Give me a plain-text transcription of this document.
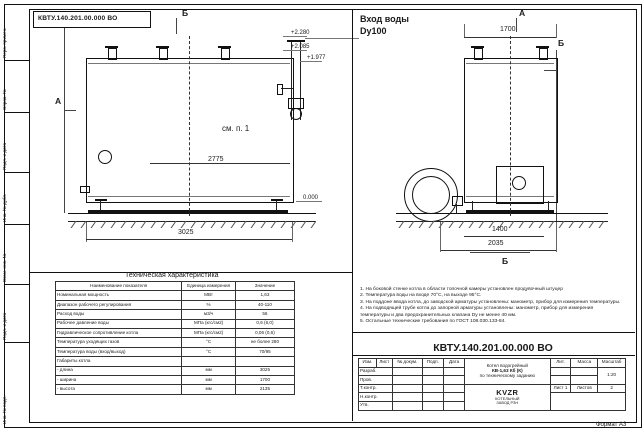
Перв. примен.
Справ. №
Подп. и дата
Инв. № дубл.
Взам. инв. №
Подп. и дата
Инв. № подл.
КВТУ.140.201.00.000 ВО
А
Б
+2.280
+2.085
+1.977
0.000
Вход воды
Dy100
см. п. 1
2775
3025
А
Б
Б
1700
1400
2035
Техническая характеристика
Наименование показателя	Единица измерения	Значение
Номинальная мощность	МВт	1,63
Диапазон рабочего регулирования	%	40-110
Расход воды	м3/ч	56
Рабочее давление воды	МПа (кгс/см2)	0,6 (6,0)
Гидравлическое сопротивление котла	МПа (кгс/см2)	0,06 (0,6)
Температура уходящих газов	°С	не более 280
Температура воды (вход/выход)	°С	70/95
Габариты котла		
- длина	мм	3025
- ширина	мм	1700
- высота	мм	2135
1. На боковой стенке котла в области топочной камеры установлен продувочный штуцер
2. Температура воды на входе 70°С, на выходе 95°С.
3. На поддоне ввода котла, до заводской арматуры установлены: манометр, прибор для измерения температуры.
4. На подводящей трубе котла до запорной арматуры установлены: манометр, прибор для измерения температуры и два предохранительных клапана Dy не менее 40 мм.
5. Остальные технические требования по ГОСТ 108.030.133-84.
КВТУ.140.201.00.000 ВО
Изм.	Лист	№ докум.	Подп.	Дата	Котел водогрейный
КВ-1,63 Кб (К)
по техническому заданию	Лит.	Масса	Масштаб
Разраб.								1:20
Пров.								
Т.контр.					KVZR
КОТЕЛЬНЫЙ
ЗАВОД РЗН	Лист 1	Листов	2
Н.контр.								
Утв.								
Формат А3
